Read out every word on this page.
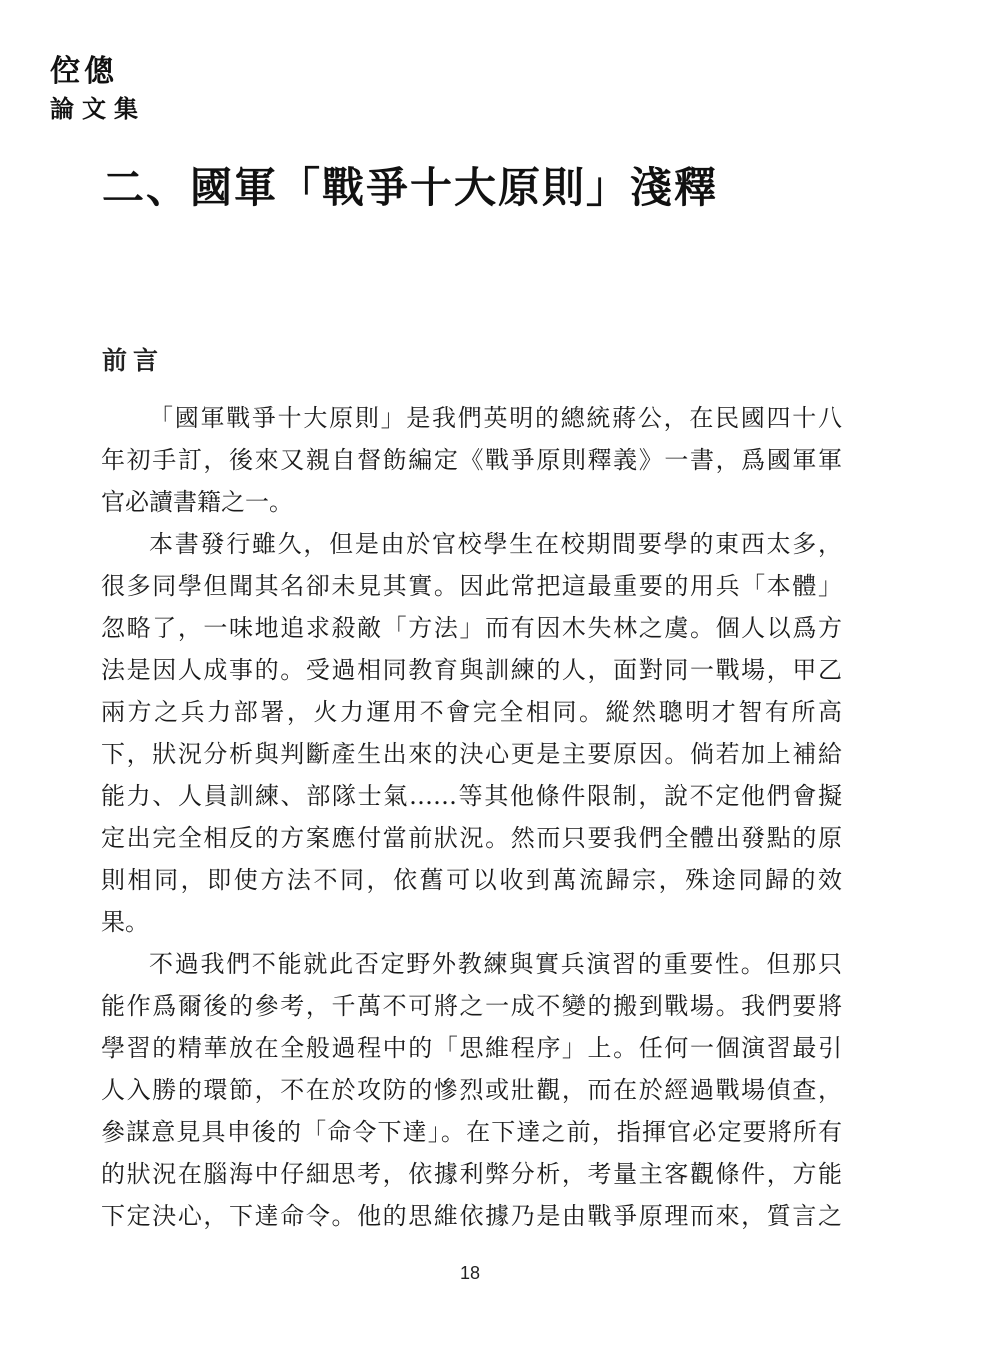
倥傯
論文集
二、國軍「戰爭十大原則」淺釋
前言

「國軍戰爭十大原則」是我們英明的總統蔣公，在民國四十八
年初手訂，後來又親自督飭編定《戰爭原則釋義》一書，爲國軍軍
官必讀書籍之一。

本書發行雖久，但是由於官校學生在校期間要學的東西太多，
很多同學但聞其名卻未見其實。因此常把這最重要的用兵「本體」
忽略了，一味地追求殺敵「方法」而有因木失林之虞。個人以爲方
法是因人成事的。受過相同教育與訓練的人，面對同一戰場，甲乙
兩方之兵力部署，火力運用不會完全相同。縱然聰明才智有所高
下，狀況分析與判斷產生出來的決心更是主要原因。倘若加上補給
能力、人員訓練、部隊士氣……等其他條件限制，說不定他們會擬
定出完全相反的方案應付當前狀況。然而只要我們全體出發點的原
則相同，即使方法不同，依舊可以收到萬流歸宗，殊途同歸的效
果。

不過我們不能就此否定野外教練與實兵演習的重要性。但那只
能作爲爾後的參考，千萬不可將之一成不變的搬到戰場。我們要將
學習的精華放在全般過程中的「思維程序」上。任何一個演習最引
人入勝的環節，不在於攻防的慘烈或壯觀，而在於經過戰場偵查，
參謀意見具申後的「命令下達」。在下達之前，指揮官必定要將所有
的狀況在腦海中仔細思考，依據利弊分析，考量主客觀條件，方能
下定決心，下達命令。他的思維依據乃是由戰爭原理而來，質言之

18
